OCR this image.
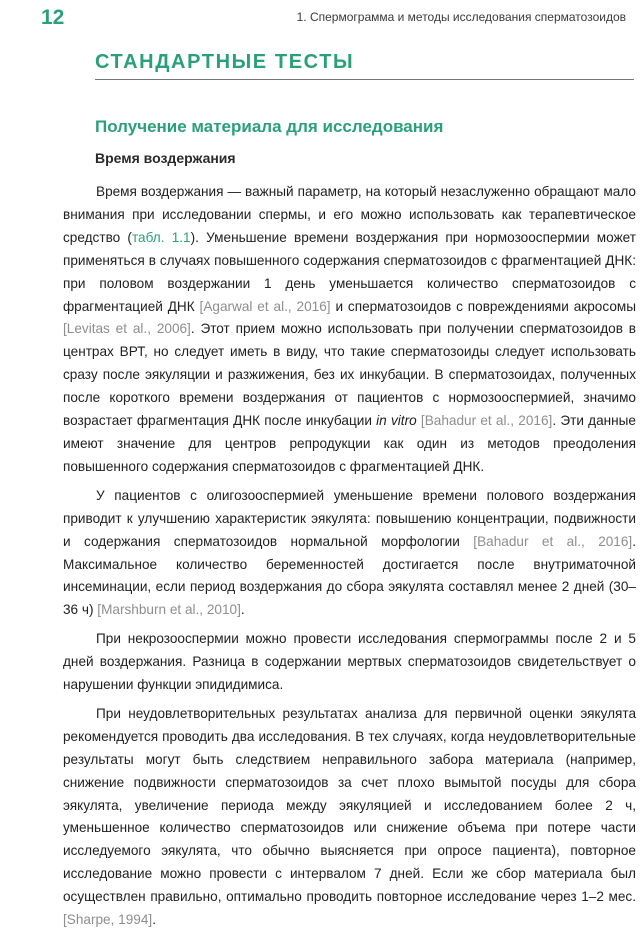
12	1. Спермограмма и методы исследования сперматозоидов
СТАНДАРТНЫЕ ТЕСТЫ
Получение материала для исследования
Время воздержания

Время воздержания — важный параметр, на который незаслуженно обращают мало внимания при исследовании спермы, и его можно использовать как терапевтическое средство (табл. 1.1). Уменьшение времени воздержания при нормозооспермии может применяться в случаях повышенного содержания сперматозоидов с фрагментацией ДНК: при половом воздержании 1 день уменьшается количество сперматозоидов с фрагментацией ДНК [Agarwal et al., 2016] и сперматозоидов с повреждениями акросомы [Levitas et al., 2006]. Этот прием можно использовать при получении сперматозоидов в центрах ВРТ, но следует иметь в виду, что такие сперматозоиды следует использовать сразу после эякуляции и разжижения, без их инкубации. В сперматозоидах, полученных после короткого времени воздержания от пациентов с нормозооспермией, значимо возрастает фрагментация ДНК после инкубации in vitro [Bahadur et al., 2016]. Эти данные имеют значение для центров репродукции как один из методов преодоления повышенного содержания сперматозоидов с фрагментацией ДНК.

У пациентов с олигозооспермией уменьшение времени полового воздержания приводит к улучшению характеристик эякулята: повышению концентрации, подвижности и содержания сперматозоидов нормальной морфологии [Bahadur et al., 2016]. Максимальное количество беременностей достигается после внутриматочной инсеминации, если период воздержания до сбора эякулята составлял менее 2 дней (30–36 ч) [Marshburn et al., 2010].

При некрозооспермии можно провести исследования спермограммы после 2 и 5 дней воздержания. Разница в содержании мертвых сперматозоидов свидетельствует о нарушении функции эпидидимиса.

При неудовлетворительных результатах анализа для первичной оценки эякулята рекомендуется проводить два исследования. В тех случаях, когда неудовлетворительные результаты могут быть следствием неправильного забора материала (например, снижение подвижности сперматозоидов за счет плохо вымытой посуды для сбора эякулята, увеличение периода между эякуляцией и исследованием более 2 ч, уменьшенное количество сперматозоидов или снижение объема при потере части исследуемого эякулята, что обычно выясняется при опросе пациента), повторное исследование можно провести с интервалом 7 дней. Если же сбор материала был осуществлен правильно, оптимально проводить повторное исследование через 1–2 мес. [Sharpe, 1994].
